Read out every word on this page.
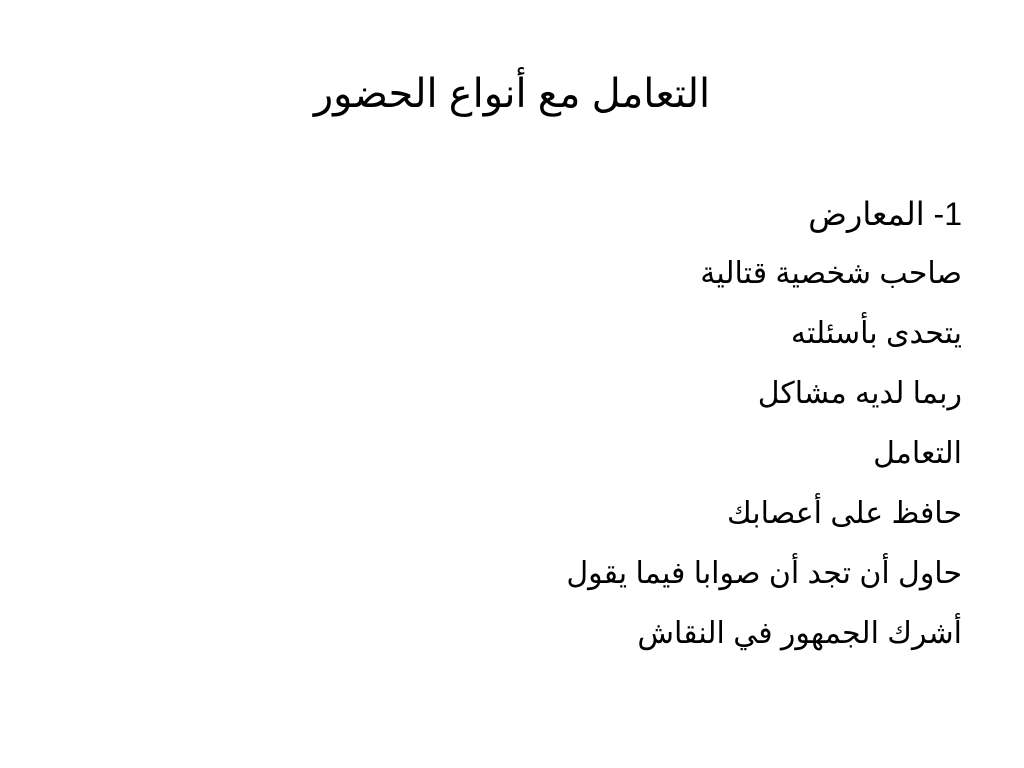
التعامل مع أنواع الحضور
1- المعارض
صاحب شخصية قتالية
يتحدى بأسئلته
ربما لديه مشاكل
التعامل
حافظ على أعصابك
حاول أن تجد أن صوابا فيما يقول
أشرك الجمهور في النقاش
